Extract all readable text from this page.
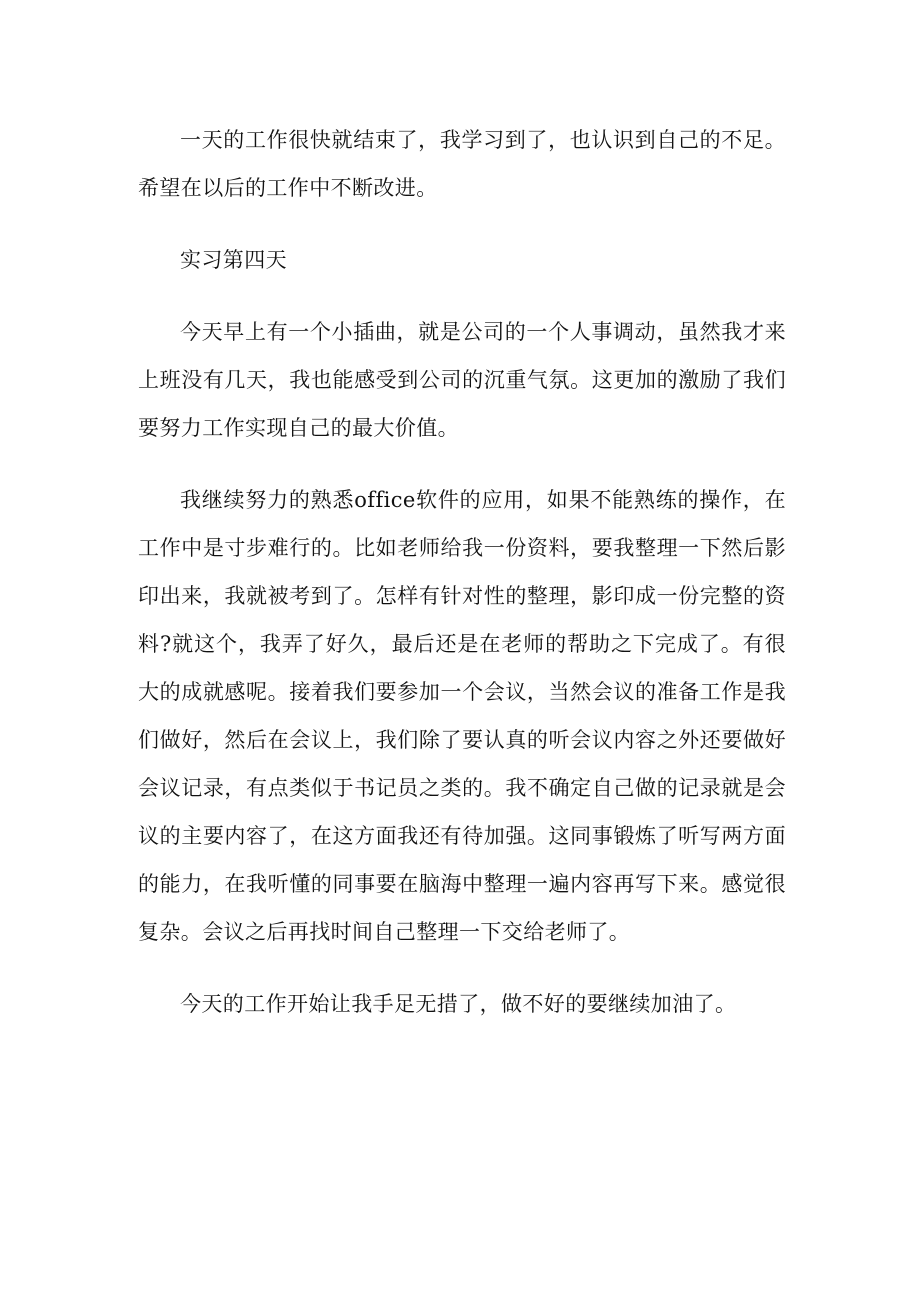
一天的工作很快就结束了，我学习到了，也认识到自己的不足。希望在以后的工作中不断改进。

实习第四天

今天早上有一个小插曲，就是公司的一个人事调动，虽然我才来上班没有几天，我也能感受到公司的沉重气氛。这更加的激励了我们要努力工作实现自己的最大价值。

我继续努力的熟悉office软件的应用，如果不能熟练的操作，在工作中是寸步难行的。比如老师给我一份资料，要我整理一下然后影印出来，我就被考到了。怎样有针对性的整理，影印成一份完整的资料?就这个，我弄了好久，最后还是在老师的帮助之下完成了。有很大的成就感呢。接着我们要参加一个会议，当然会议的准备工作是我们做好，然后在会议上，我们除了要认真的听会议内容之外还要做好会议记录，有点类似于书记员之类的。我不确定自己做的记录就是会议的主要内容了，在这方面我还有待加强。这同事锻炼了听写两方面的能力，在我听懂的同事要在脑海中整理一遍内容再写下来。感觉很复杂。会议之后再找时间自己整理一下交给老师了。

今天的工作开始让我手足无措了，做不好的要继续加油了。
